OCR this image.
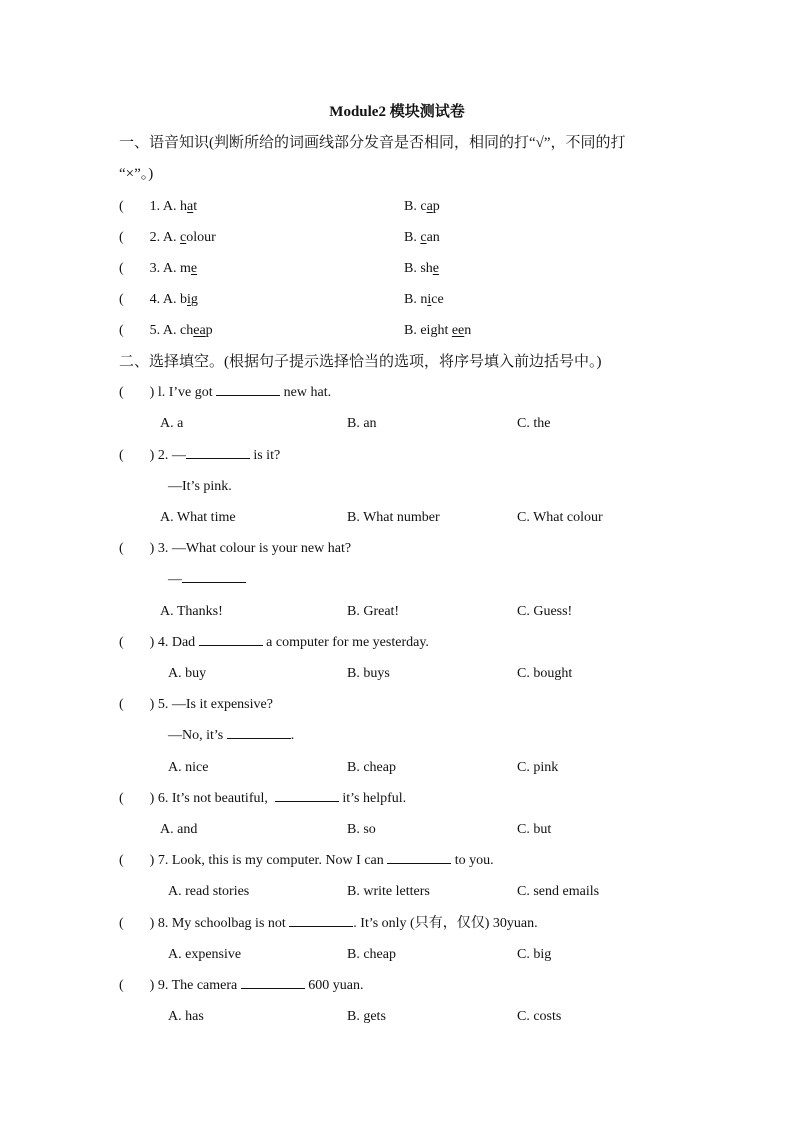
Module2 模块测试卷
一、语音知识(判断所给的词画线部分发音是否相同，相同的打“√”，不同的打
“×”。)
( 1. A. hat	B. cap
( 2. A. colour	B. can
( 3. A. me	B. she
( 4. A. big	B. nice
( 5. A. cheap	B. eight een
二、选择填空。(根据句子提示选择恰当的选项，将序号填入前边括号中。)
( ) l. I’ve got	new hat.
A. a	B. an	C. the
( ) 2. —	is it?
—It’s pink.
A. What time	B. What number	C. What colour
( ) 3. —What colour is your new hat?
—
A. Thanks!	B. Great!	C. Guess!
( ) 4. Dad	a computer for me yesterday.
A. buy	B. buys	C. bought
( ) 5. —Is it expensive?
—No, it’s	.
A. nice	B. cheap	C. pink
( ) 6. It’s not beautiful,	it’s helpful.
A. and	B. so	C. but
( ) 7. Look, this is my computer. Now I can	to you.
A. read stories	B. write letters	C. send emails
( ) 8. My schoolbag is not	. It’s only (只有，仅仅) 30yuan.
A. expensive	B. cheap	C. big
( ) 9. The camera	600 yuan.
A. has	B. gets	C. costs
